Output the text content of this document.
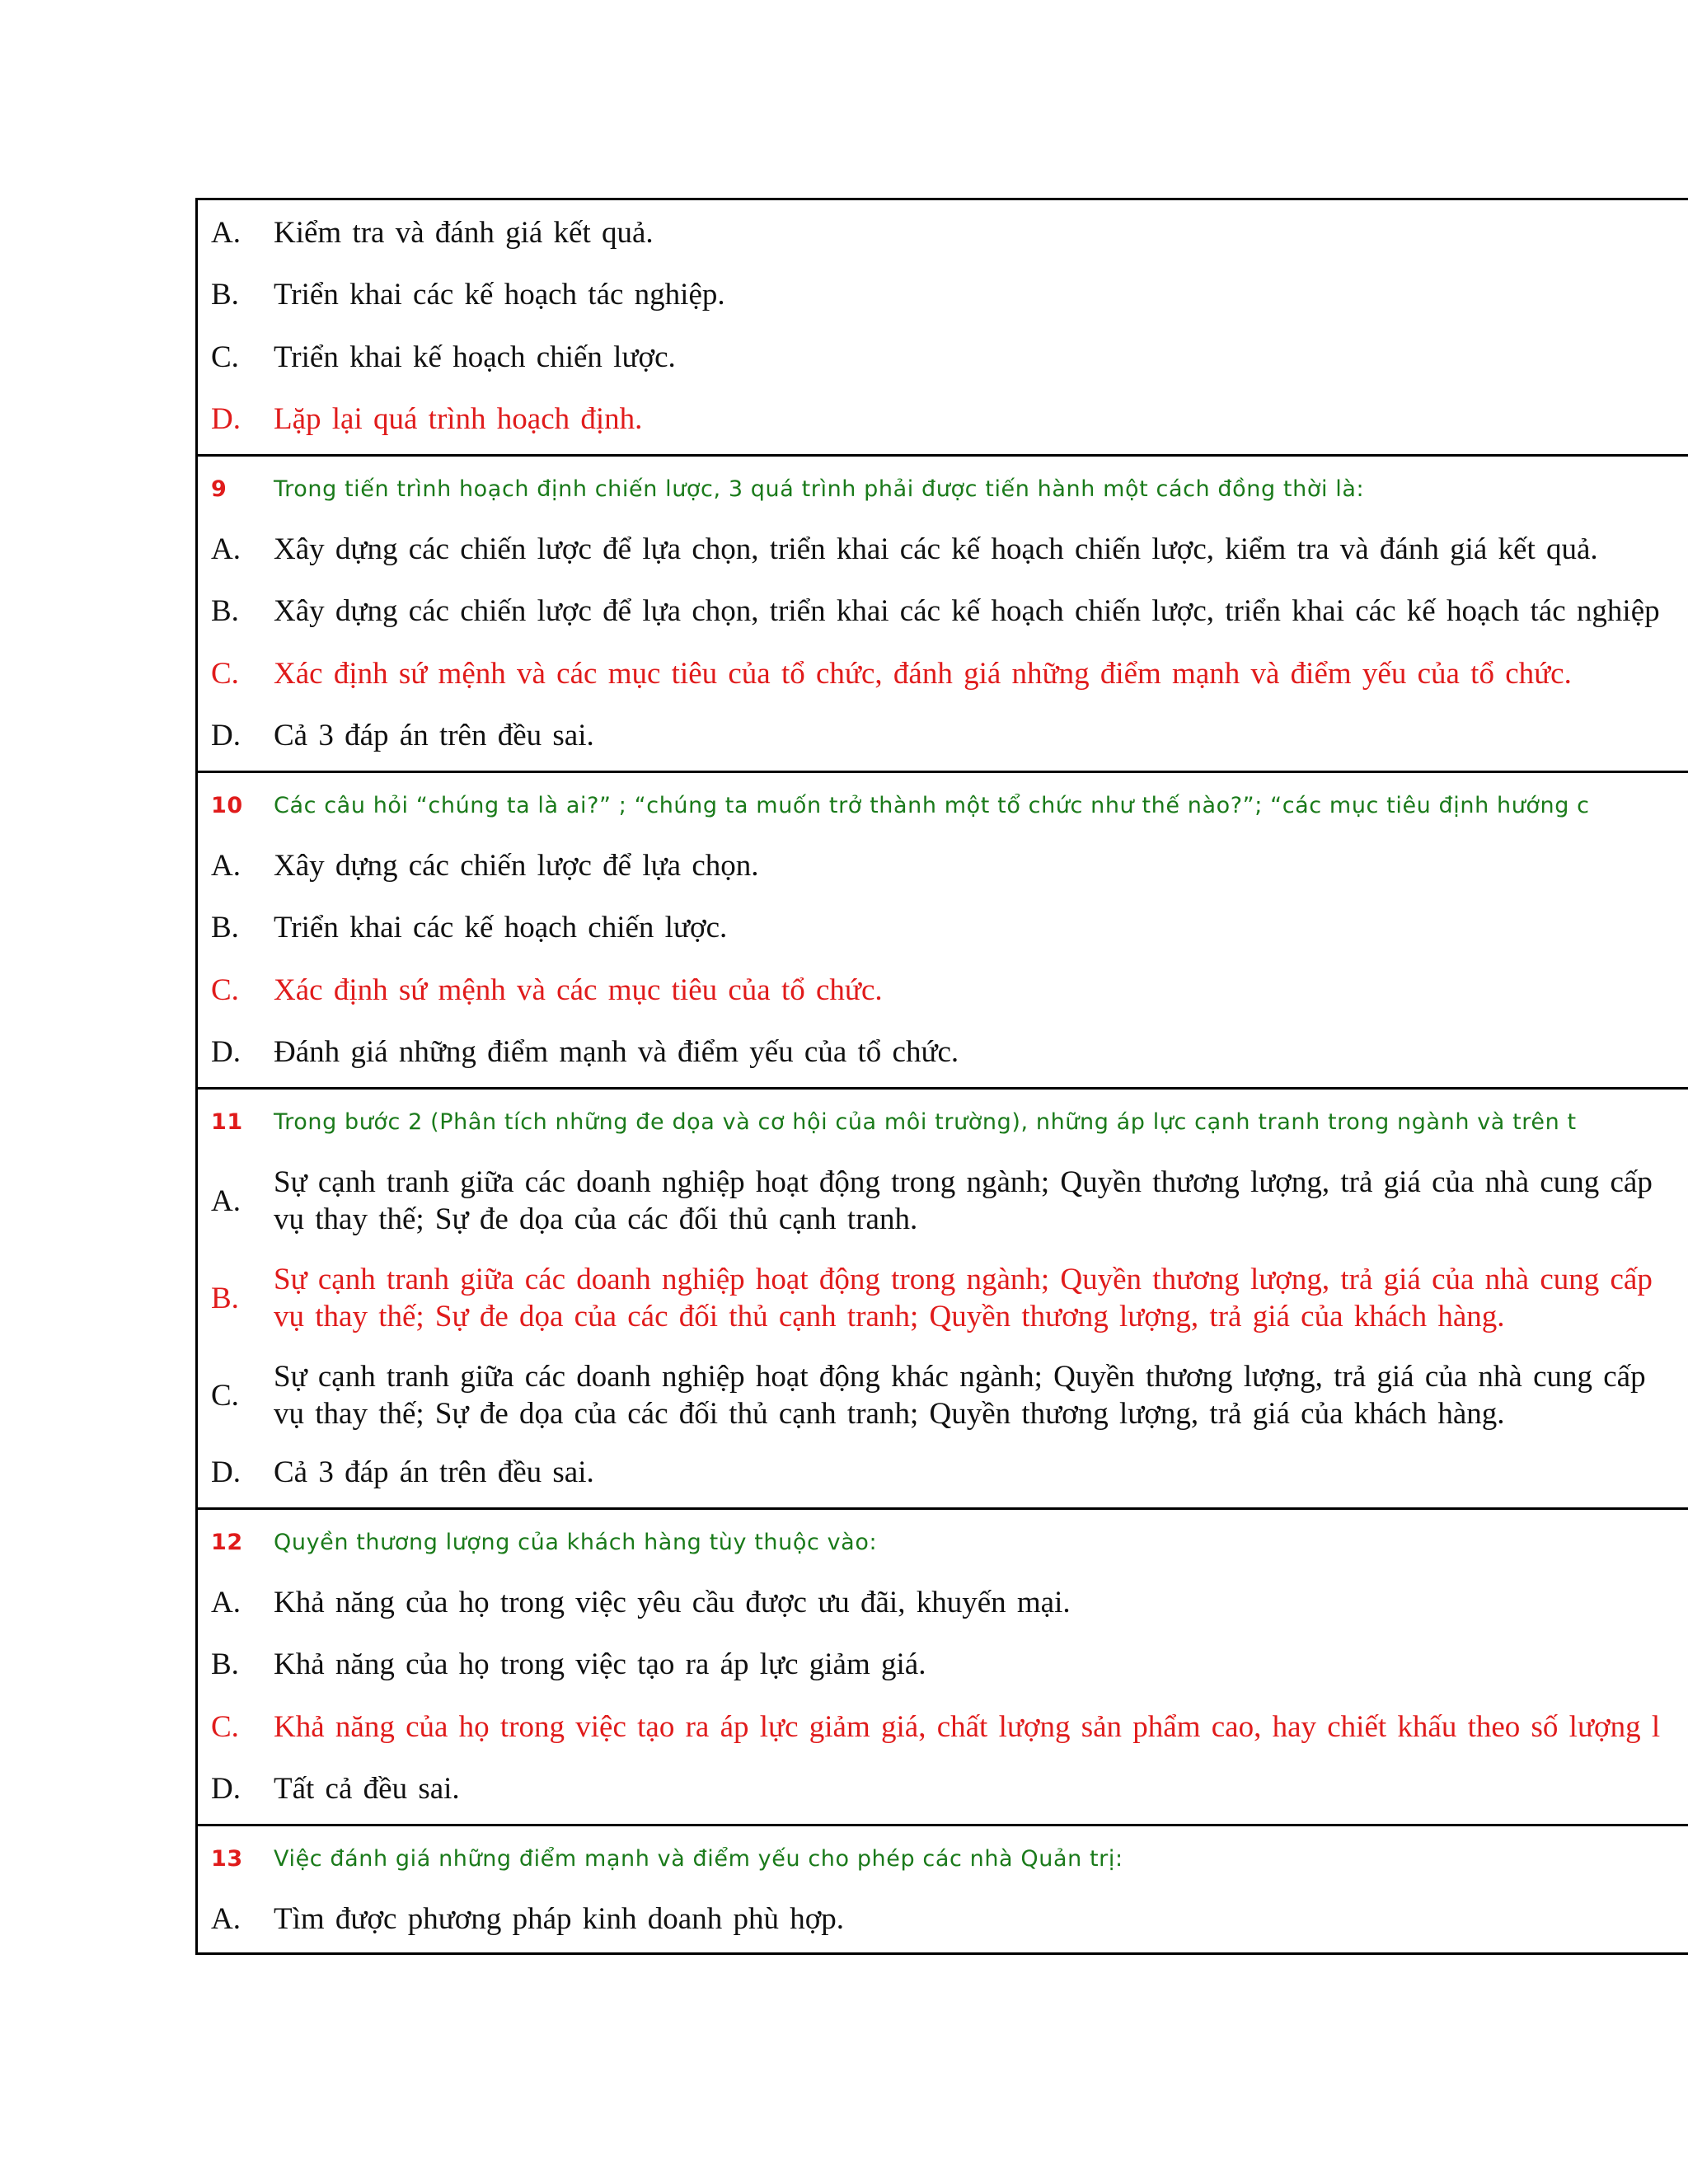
A. Kiểm tra và đánh giá kết quả.
B. Triển khai các kế hoạch tác nghiệp.
C. Triển khai kế hoạch chiến lược.
D. Lặp lại quá trình hoạch định.
9 Trong tiến trình hoạch định chiến lược, 3 quá trình phải được tiến hành một cách đồng thời là:
A. Xây dựng các chiến lược để lựa chọn, triển khai các kế hoạch chiến lược, kiểm tra và đánh giá kết quả.
B. Xây dựng các chiến lược để lựa chọn, triển khai các kế hoạch chiến lược, triển khai các kế hoạch tác nghiệp
C. Xác định sứ mệnh và các mục tiêu của tổ chức, đánh giá những điểm mạnh và điểm yếu của tổ chức.
D. Cả 3 đáp án trên đều sai.
10 Các câu hỏi “chúng ta là ai?” ; “chúng ta muốn trở thành một tổ chức như thế nào?”; “các mục tiêu định hướng c
A. Xây dựng các chiến lược để lựa chọn.
B. Triển khai các kế hoạch chiến lược.
C. Xác định sứ mệnh và các mục tiêu của tổ chức.
D. Đánh giá những điểm mạnh và điểm yếu của tổ chức.
11 Trong bước 2 (Phân tích những đe dọa và cơ hội của môi trường), những áp lực cạnh tranh trong ngành và trên t
A.
Sự cạnh tranh giữa các doanh nghiệp hoạt động trong ngành; Quyền thương lượng, trả giá của nhà cung cấp
vụ thay thế; Sự đe dọa của các đối thủ cạnh tranh.
B.
Sự cạnh tranh giữa các doanh nghiệp hoạt động trong ngành; Quyền thương lượng, trả giá của nhà cung cấp
vụ thay thế; Sự đe dọa của các đối thủ cạnh tranh; Quyền thương lượng, trả giá của khách hàng.
C.
Sự cạnh tranh giữa các doanh nghiệp hoạt động khác ngành; Quyền thương lượng, trả giá của nhà cung cấp
vụ thay thế; Sự đe dọa của các đối thủ cạnh tranh; Quyền thương lượng, trả giá của khách hàng.
D. Cả 3 đáp án trên đều sai.
12 Quyền thương lượng của khách hàng tùy thuộc vào:
A. Khả năng của họ trong việc yêu cầu được ưu đãi, khuyến mại.
B. Khả năng của họ trong việc tạo ra áp lực giảm giá.
C. Khả năng của họ trong việc tạo ra áp lực giảm giá, chất lượng sản phẩm cao, hay chiết khấu theo số lượng l
D. Tất cả đều sai.
13 Việc đánh giá những điểm mạnh và điểm yếu cho phép các nhà Quản trị:
A. Tìm được phương pháp kinh doanh phù hợp.
